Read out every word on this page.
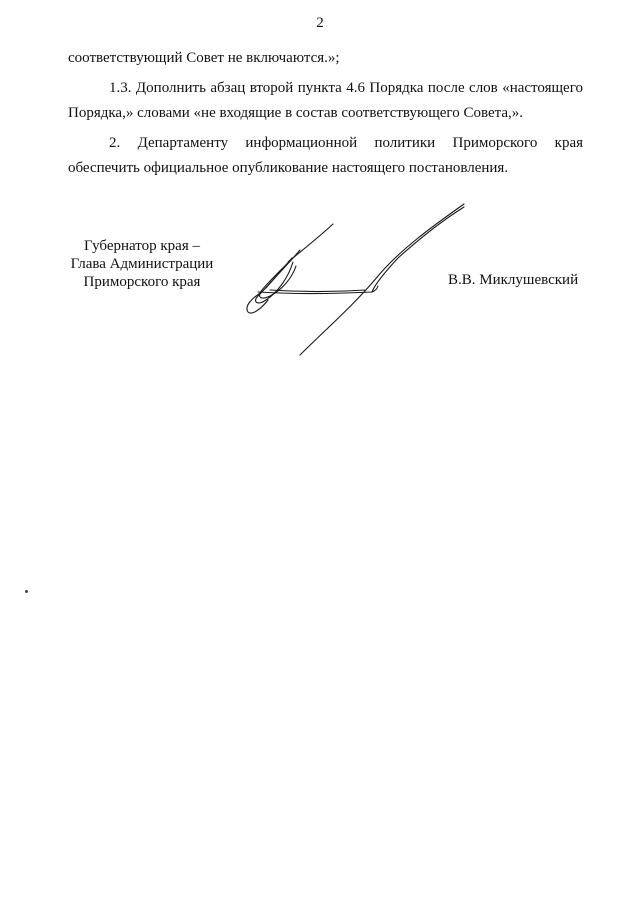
2

соответствующий Совет не включаются.»;

1.3. Дополнить абзац второй пункта 4.6 Порядка после слов «настоящего
Порядка,» словами «не входящие в состав соответствующего Совета,».
2. Департаменту информационной политики Приморского края
обеспечить официальное опубликование настоящего постановления.
Губернатор края –
Глава Администрации
Приморского края	В.В. Миклушевский
